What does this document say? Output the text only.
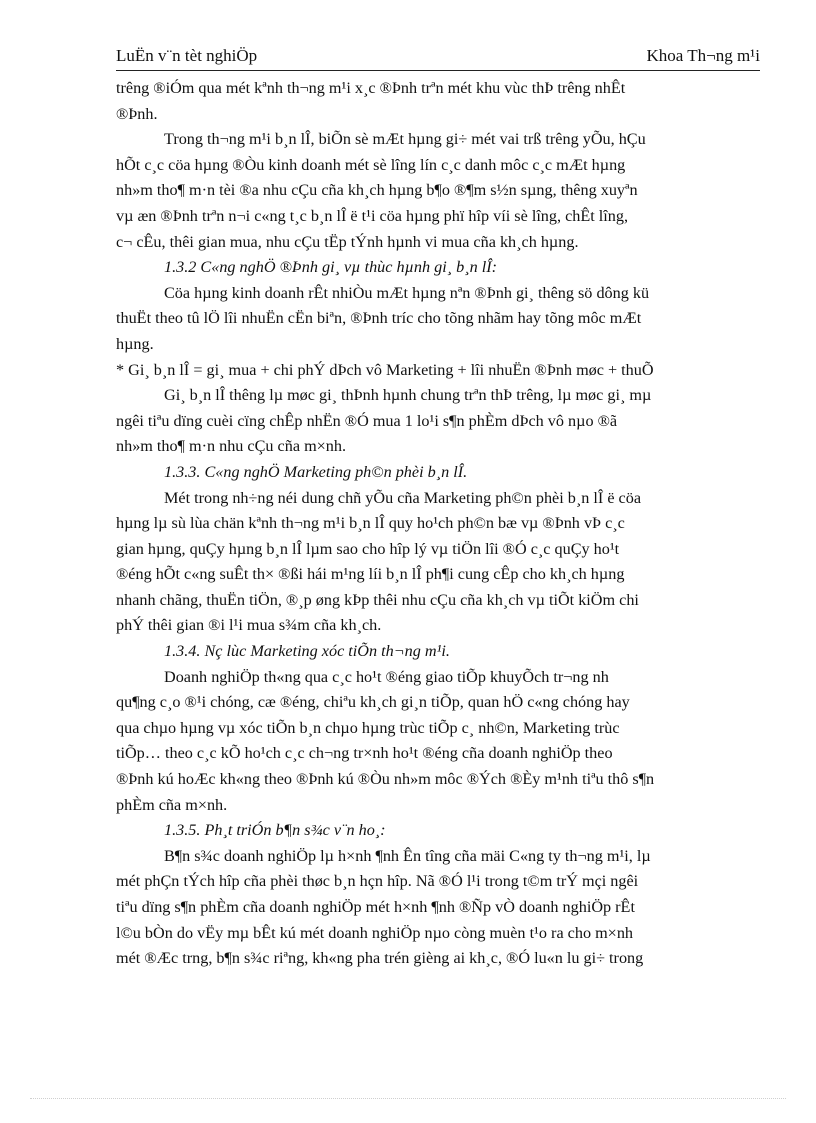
LuËn v¨n tèt nghiÖp	Khoa Th¬ng m¹i
trêng ®iÓm qua mét kªnh th¬ng m¹i x¸c ®Þnh trªn mét khu vùc thÞ trêng nhÊt
®Þnh.
Trong th¬ng m¹i b¸n lÎ, biÕn sè mÆt hµng gi÷ mét vai trß trêng yÕu, hÇu
hÕt c¸c cöa hµng ®Òu kinh doanh mét sè lîng lín c¸c danh môc c¸c mÆt hµng
nh»m tho¶ m·n tèi ®a nhu cÇu cña kh¸ch hµng b¶o ®¶m s½n sµng, thêng xuyªn
vµ æn ®Þnh trªn n¬i c«ng t¸c b¸n lÎ ë t¹i cöa hµng phï hîp víi sè lîng, chÊt lîng,
c¬ cÊu, thêi gian mua, nhu cÇu tËp tÝnh hµnh vi mua cña kh¸ch hµng.
1.3.2 C«ng nghÖ ®Þnh gi¸ vµ thùc hµnh gi¸ b¸n lÎ:
Cöa hµng kinh doanh rÊt nhiÒu mÆt hµng nªn ®Þnh gi¸ thêng sö dông kü
thuËt theo tû lÖ lîi nhuËn cËn biªn, ®Þnh tríc cho tõng nhãm hay tõng môc mÆt
hµng.
* Gi¸ b¸n lÎ = gi¸ mua + chi phÝ dÞch vô Marketing + lîi nhuËn ®Þnh møc + thuÕ
Gi¸ b¸n lÎ thêng lµ møc gi¸ thÞnh hµnh chung trªn thÞ trêng, lµ møc gi¸ mµ
ngêi tiªu dïng cuèi cïng chÊp nhËn ®Ó mua 1 lo¹i s¶n phÈm dÞch vô nµo ®ã
nh»m tho¶ m·n nhu cÇu cña m×nh.
1.3.3. C«ng nghÖ Marketing ph©n phèi b¸n lÎ.
Mét trong nh÷ng néi dung chñ yÕu cña Marketing ph©n phèi b¸n lÎ ë cöa
hµng lµ sù lùa chän kªnh th¬ng m¹i b¸n lÎ quy ho¹ch ph©n bæ vµ ®Þnh vÞ c¸c
gian hµng, quÇy hµng b¸n lÎ lµm sao cho hîp lý vµ tiÖn lîi ®Ó c¸c quÇy ho¹t
®éng hÕt c«ng suÊt th× ®ßi hái m¹ng líi b¸n lÎ ph¶i cung cÊp cho kh¸ch hµng
nhanh chãng, thuËn tiÖn, ®¸p øng kÞp thêi nhu cÇu cña kh¸ch vµ tiÕt kiÖm chi
phÝ thêi gian ®i l¹i mua s¾m cña kh¸ch.
1.3.4. Nç lùc Marketing xóc tiÕn th¬ng m¹i.
Doanh nghiÖp th«ng qua c¸c ho¹t ®éng giao tiÕp khuyÕch tr¬ng nh
qu¶ng c¸o ®¹i chóng, cæ ®éng, chiªu kh¸ch gi¸n tiÕp, quan hÖ c«ng chóng hay
qua chµo hµng vµ xóc tiÕn b¸n chµo hµng trùc tiÕp c¸ nh©n, Marketing trùc
tiÕp… theo c¸c kÕ ho¹ch c¸c ch¬ng tr×nh ho¹t ®éng cña doanh nghiÖp theo
®Þnh kú hoÆc kh«ng theo ®Þnh kú ®Òu nh»m môc ®Ých ®Èy m¹nh tiªu thô s¶n
phÈm cña m×nh.
1.3.5. Ph¸t triÓn b¶n s¾c v¨n ho¸:
B¶n s¾c doanh nghiÖp lµ h×nh ¶nh Ên tîng cña mäi C«ng ty th¬ng m¹i, lµ
mét phÇn tÝch hîp cña phèi thøc b¸n hçn hîp. Nã ®Ó l¹i trong t©m trÝ mçi ngêi
tiªu dïng s¶n phÈm cña doanh nghiÖp mét h×nh ¶nh ®Ñp vÒ doanh nghiÖp rÊt
l©u bÒn do vËy mµ bÊt kú mét doanh nghiÖp nµo còng muèn t¹o ra cho m×nh
mét ®Æc trng, b¶n s¾c riªng, kh«ng pha trén gièng ai kh¸c, ®Ó lu«n lu gi÷ trong
